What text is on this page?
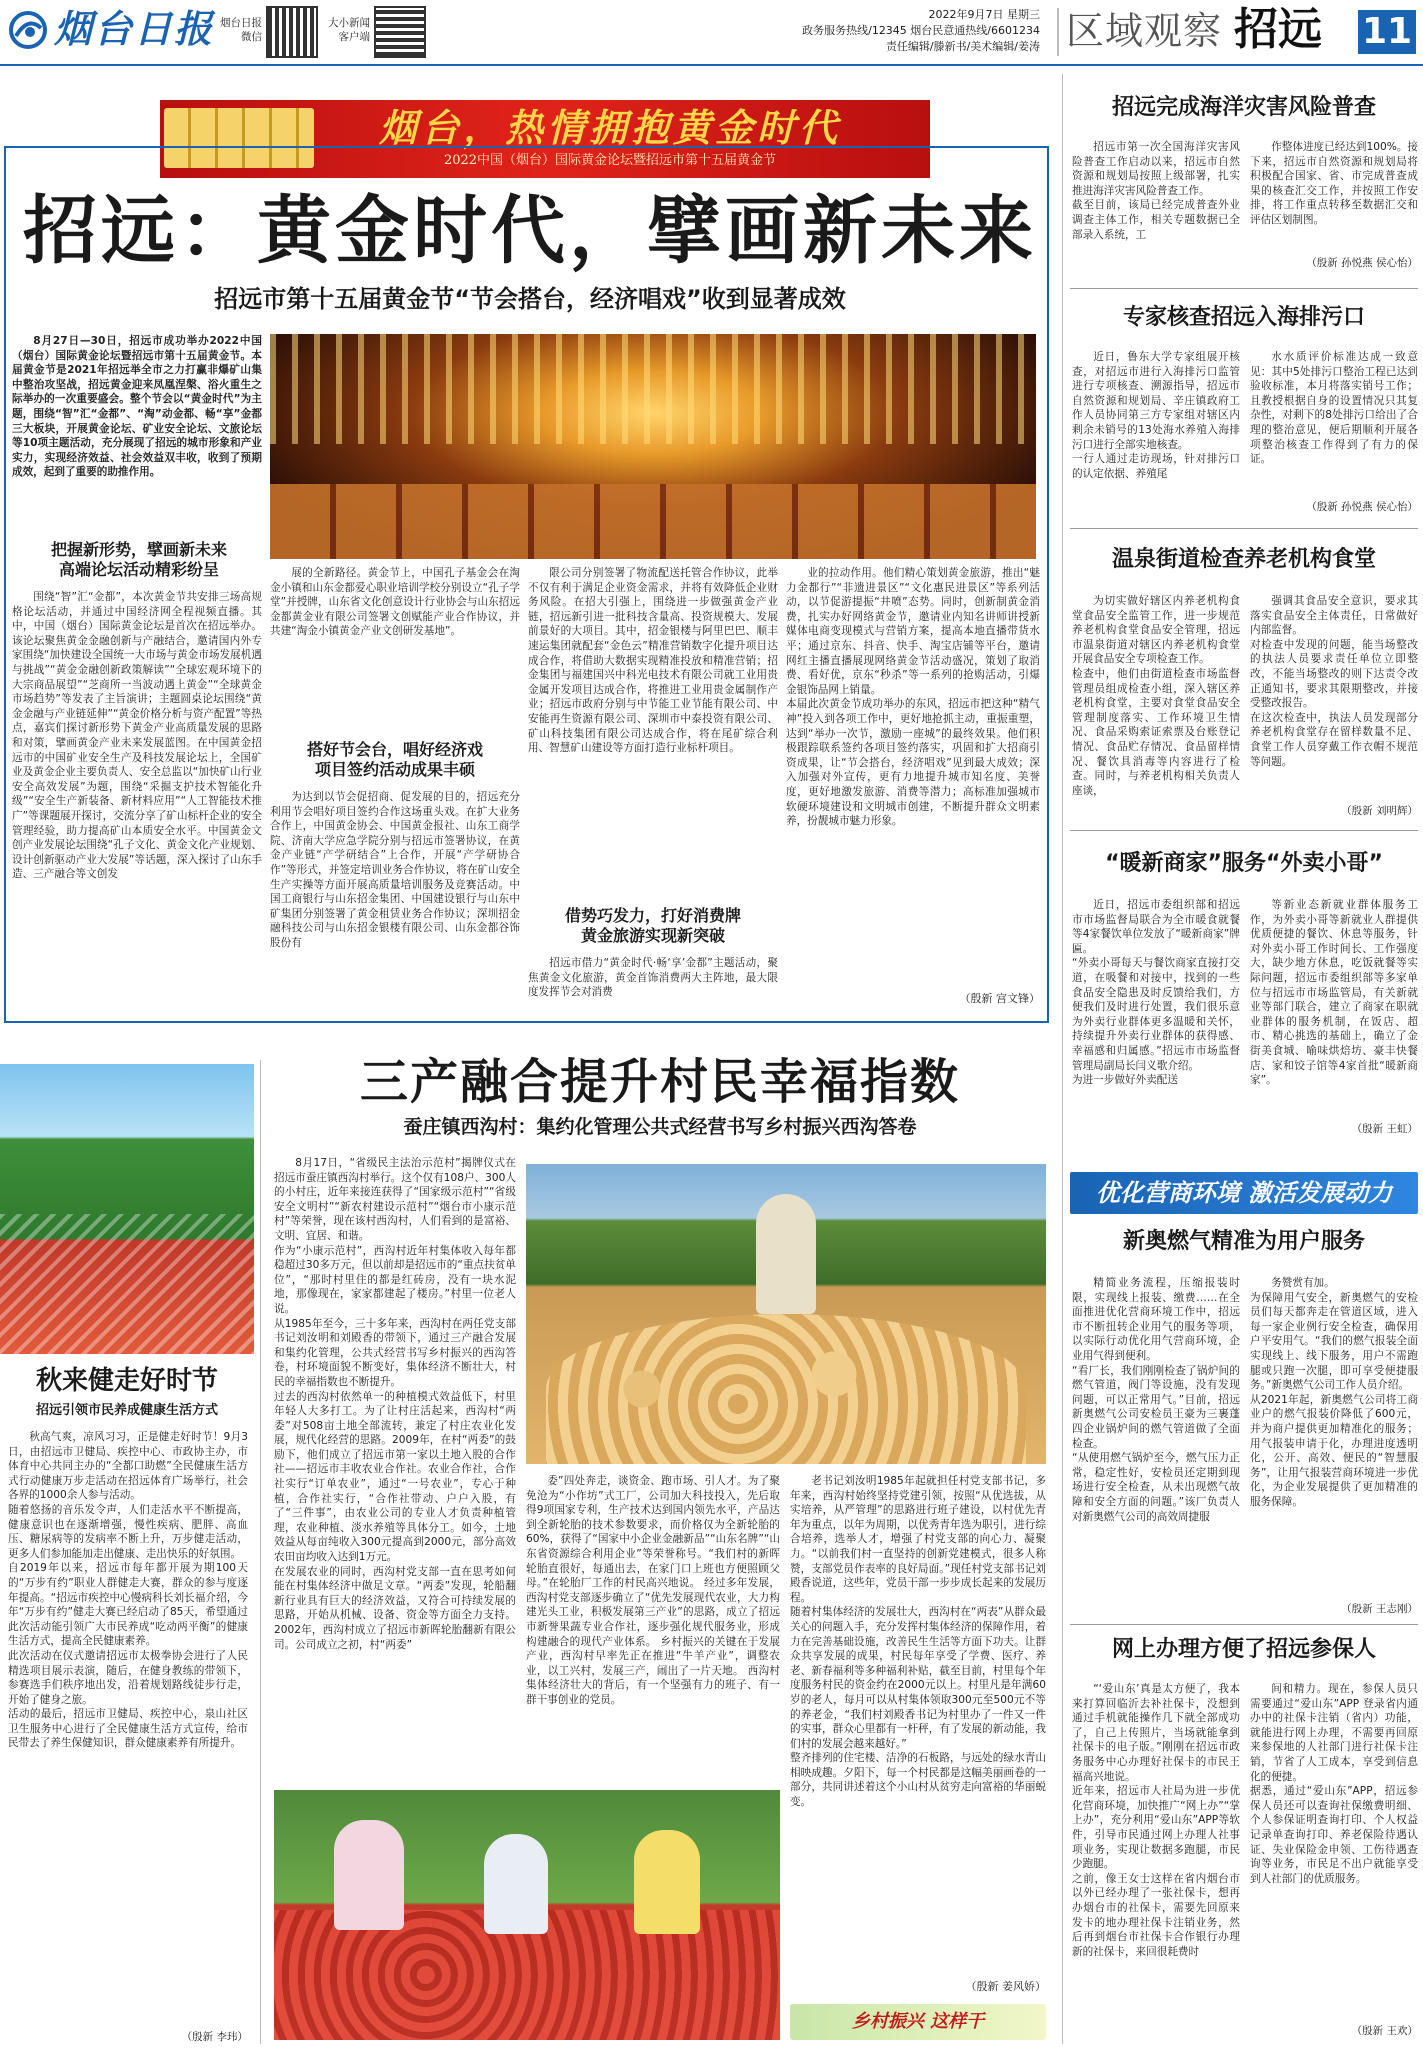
烟台日报 烟台日报
微信
大小新闻
客户端
2022年9月7日 星期三
政务服务热线/12345 烟台民意通热线/6601234
责任编辑/滕新书/美术编辑/姜涛 区域观察 招远 11
烟台，热情拥抱黄金时代
2022中国（烟台）国际黄金论坛暨招远市第十五届黄金节
招远：黄金时代，擘画新未来
招远市第十五届黄金节“节会搭台，经济唱戏”收到显著成效

8月27日—30日，招远市成功举办2022中国（烟台）国际黄金论坛暨招远市第十五届黄金节。本届黄金节是2021年招远举全市之力打赢非爆矿山集中整治攻坚战，招远黄金迎来凤凰涅槃、浴火重生之际举办的一次重要盛会。整个节会以“黄金时代”为主题，围绕“智”汇“金都”、“淘”动金都、畅“享”金都三大板块，开展黄金论坛、矿业安全论坛、文旅论坛等10项主题活动，充分展现了招远的城市形象和产业实力，实现经济效益、社会效益双丰收，收到了预期成效，起到了重要的助推作用。

把握新形势，擘画新未来
高端论坛活动精彩纷呈

围绕“智”汇“金都”，本次黄金节共安排三场高规格论坛活动，并通过中国经济网全程视频直播。其中，中国（烟台）国际黄金论坛是首次在招远举办。该论坛聚焦黄金金融创新与产融结合，邀请国内外专家围绕“加快建设全国统一大市场与黄金市场发展机遇与挑战”“黄金金融创新政策解读”“全球宏观环境下的大宗商品展望”“芝商所一当波动遇上黄金”“全球黄金市场趋势”等发表了主旨演讲；主题圆桌论坛围绕“黄金金融与产业链延伸”“黄金价格分析与资产配置”等热点，嘉宾们探讨新形势下黄金产业高质量发展的思路和对策，擘画黄金产业未来发展蓝图。在中国黄金招远市的中国矿业安全生产及科技发展论坛上，全国矿业及黄金企业主要负责人、安全总监以“加快矿山行业安全高效发展”为题，围绕“采掘支护技术智能化升级”“安全生产新装备、新材料应用”“人工智能技术推广”等课题展开探讨，交流分享了矿山标杆企业的安全管理经验，助力提高矿山本质安全水平。中国黄金文创产业发展论坛围绕“孔子文化、黄金文化产业规划、设计创新驱动产业大发展”等话题，深入探讨了山东手造、三产融合等文创发

展的全新路径。黄金节上，中国孔子基金会在淘金小镇和山东金都爱心职业培训学校分别设立“孔子学堂”并授牌，山东省文化创意设计行业协会与山东招远金都黄金业有限公司签署文创赋能产业合作协议，并共建“淘金小镇黄金产业文创研发基地”。

搭好节会台，唱好经济戏
项目签约活动成果丰硕

为达到以节会促招商、促发展的目的，招远充分利用节会唱好项目签约合作这场重头戏。在扩大业务合作上，中国黄金协会、中国黄金报社、山东工商学院、济南大学应急学院分别与招远市签署协议，在黄金产业链“产学研结合”上合作，开展“产学研协合作”等形式，并签定培训业务合作协议，将在矿山安全生产实操等方面开展高质量培训服务及竞赛活动。中国工商银行与山东招金集团、中国建设银行与山东中矿集团分别签署了黄金租赁业务合作协议；深圳招金融科技公司与山东招金银楼有限公司、山东金都谷饰股份有

限公司分别签署了物流配送托管合作协议，此举不仅有利于满足企业资金需求，并将有效降低企业财务风险。在招大引强上，围绕进一步做强黄金产业链，招远新引进一批科技含量高、投资规模大、发展前景好的大项目。其中，招金银楼与阿里巴巴、顺丰速运集团就配套“金色云”精准营销数字化提升项目达成合作，将借助大数据实现精准投放和精准营销；招金集团与福建国兴中科光电技术有限公司就工业用贵金属开发项目达成合作，将推进工业用贵金属制作产业；招远市政府分别与中节能工业节能有限公司、中安能再生资源有限公司、深圳市中泰投资有限公司、矿山科技集团有限公司达成合作，将在尾矿综合利用、智慧矿山建设等方面打造行业标杆项目。

借势巧发力，打好消费牌
黄金旅游实现新突破

招远市借力“黄金时代·畅‘享’金都”主题活动，聚焦黄金文化旅游，黄金首饰消费两大主阵地，最大限度发挥节会对消费

业的拉动作用。他们精心策划黄金旅游，推出“魅力金都行”“非遗进景区”“文化惠民进景区”等系列活动，以节促游提振“井喷”态势。同时，创新制黄金消费，扎实办好网络黄金节，邀请业内知名讲师讲授新媒体电商变现模式与营销方案，提高本地直播带货水平；通过京东、抖音、快手、淘宝店铺等平台，邀请网红主播直播展现网络黄金节活动盛况，策划了取消费、看好优，京东“秒杀”等一系列的抢购活动，引爆金银饰品网上销量。
本届此次黄金节成功举办的东风，招远市把这种“精气神”投入到各项工作中，更好地抢抓主动，重振重塑，达到“举办一次节，激励一座城”的最终效果。他们积极跟踪联系签约各项目签约落实，巩固和扩大招商引资成果，让“节会搭台，经济唱戏”见到最大成效；深入加强对外宣传，更有力地提升城市知名度、美誉度，更好地激发旅游、消费等潜力；高标准加强城市软硬环境建设和文明城市创建，不断提升群众文明素养，扮靓城市魅力形象。

（殷新 宫文锋）
招远完成海洋灾害风险普查

招远市第一次全国海洋灾害风险普查工作启动以来，招远市自然资源和规划局按照上级部署，扎实推进海洋灾害风险普查工作。
截至目前，该局已经完成普查外业调查主体工作，相关专题数据已全部录入系统，工

作整体进度已经达到100%。接下来，招远市自然资源和规划局将积极配合国家、省、市完成普查成果的核查汇交工作，并按照工作安排，将工作重点转移至数据汇交和评估区划制图。

（殷新 孙悦燕 侯心怡）
专家核查招远入海排污口

近日，鲁东大学专家组展开核查，对招远市进行入海排污口监管进行专项核查、溯源指导，招远市自然资源和规划局、辛庄镇政府工作人员协同第三方专家组对辖区内剩余未销号的13处海水养殖入海排污口进行全部实地核查。
一行人通过走访现场，针对排污口的认定依据、养殖尾

水水质评价标准达成一致意见：其中5处排污口整治工程已达到验收标准，本月将落实销号工作；且教授根据自身的设置情况只其复杂性，对剩下的8处排污口给出了合理的整治意见，便后期顺利开展各项整治核查工作得到了有力的保证。

（殷新 孙悦燕 侯心怡）
温泉街道检查养老机构食堂

为切实做好辖区内养老机构食堂食品安全监管工作，进一步规范养老机构食堂食品安全管理，招远市温泉街道对辖区内养老机构食堂开展食品安全专项检查工作。
检查中，他们由街道检查市场监督管理员组成检查小组，深入辖区养老机构食堂，主要对食堂食品安全管理制度落实、工作环境卫生情况、食品采购索证索票及台账登记情况、食品贮存情况、食品留样情况、餐饮具消毒等内容进行了检查。同时，与养老机构相关负责人座谈，

强调其食品安全意识，要求其落实食品安全主体责任，日常做好内部监督。
对检查中发现的问题，能当场整改的执法人员要求责任单位立即整改，不能当场整改的则下达责令改正通知书，要求其限期整改，并接受整改报告。
在这次检查中，执法人员发现部分养老机构食堂存在留样数量不足、食堂工作人员穿戴工作衣帽不规范等问题。

（殷新 刘明辉）
“暖新商家”服务“外卖小哥”

近日，招远市委组织部和招远市市场监督局联合为全市暖食就餐等4家餐饮单位发放了“暖新商家”牌匾。
“外卖小哥每天与餐饮商家直接打交道，在吸餐和对接中，找到的一些食品安全隐患及时反馈给我们，方便我们及时进行处置，我们很乐意为外卖行业群体更多温暖和关怀，持续提升外卖行业群体的获得感、幸福感和归属感。”招远市市场监督管理局副局长闫义歌介绍。
为进一步做好外卖配送

等新业态新就业群体服务工作，为外卖小哥等新就业人群提供优质便捷的餐饮、休息等服务，针对外卖小哥工作时间长、工作强度大，缺少地方休息，吃饭就餐等实际问题，招远市委组织部等多家单位与招远市市场监管局，有关新就业等部门联合，建立了商家在职就业群体的服务机制，在饭店、超市、精心挑选的基础上，确立了金街美食城、喻味烘焙坊、豪丰快餐店、家和饺子馆等4家首批“暖新商家”。

（殷新 王虹）
优化营商环境 激活发展动力
新奥燃气精准为用户服务

精简业务流程，压缩报装时限，实现线上报装、缴费……在全面推进优化营商环境工作中，招远市不断扭转企业用气的服务等项，以实际行动优化用气营商环境，企业用气得到便利。
“看厂长，我们刚刚检查了锅炉间的燃气管道，阀门等设施，没有发现问题，可以正常用气。”目前，招远新奥燃气公司安检员王豪为三裹蓬四企业锅炉间的燃气管道做了全面检查。
“从使用燃气锅炉至今，燃气压力正常，稳定性好，安检员还定期到现场进行安全检查，从未出现燃气故障和安全方面的问题。”该厂负责人对新奥燃气公司的高效周捷服

务赞赏有加。
为保障用气安全，新奥燃气的安检员们每天都奔走在管道区域，进入每一家企业例行安全检查，确保用户平安用气。“我们的燃气报装全面实现线上、线下服务，用户不需跑腿或只跑一次腿，即可享受便捷服务。”新奥燃气公司工作人员介绍。
从2021年起，新奥燃气公司将工商业户的燃气报装价降低了600元，并为商户提供更加精准化的服务；用气报装申请于化，办理进度透明化，公开、高效、便民的“智慧服务”，让用气报装营商环境进一步优化，为企业发展提供了更加精准的服务保障。

（殷新 王志刚）
网上办理方便了招远参保人

“‘爱山东’真是太方便了，我本来打算回临沂去补社保卡，没想到通过手机就能操作几下就全部成功了，自己上传照片，当场就能拿到社保卡的电子版。”刚刚在招远市政务服务中心办理好社保卡的市民王福高兴地说。
近年来，招远市人社局为进一步优化营商环境，加快推广“网上办”“掌上办”，充分利用“爱山东”APP等软件，引导市民通过网上办理人社事项业务，实现让数据多跑腿，市民少跑腿。
之前，像王女士这样在省内烟台市以外已经办理了一张社保卡，想再办烟台市的社保卡，需要先回原来发卡的地办理社保卡注销业务，然后再到烟台市社保卡合作银行办理新的社保卡，来回很耗费时

间和精力。现在，参保人员只需要通过“爱山东”APP 登录省内通办中的社保卡注销（省内）功能，就能进行网上办理，不需要再回原来参保地的人社部门进行社保卡注销，节省了人工成本，享受到信息化的便捷。
据悉，通过“爱山东”APP，招远参保人员还可以查询社保缴费明细、个人参保证明查询打印、个人权益记录单查询打印、养老保险待遇认证、失业保险金申领、工伤待遇查询等业务，市民足不出户就能享受到人社部门的优质服务。

（殷新 王欢）
秋来健走好时节
招远引领市民养成健康生活方式

秋高气爽，凉风习习，正是健走好时节！9月3日，由招远市卫健局、疾控中心、市政协主办，市体育中心共同主办的“全都口助燃”全民健康生活方式行动健康万步走活动在招远体育广场举行，社会各界的1000余人参与活动。
随着悠扬的音乐发令声，人们走活水平不断提高，健康意识也在逐渐增强，慢性疾病、肥胖、高血压、糖尿病等的发病率不断上升，万步健走活动，更多人们参加能加走出健康、走出快乐的好氛围。
自2019年以来，招远市每年都开展为期100天的“万步有约”职业人群健走大赛，群众的参与度逐年提高。“招远市疾控中心慢病科长刘长福介绍，今年“万步有约”健走大赛已经启动了85天，希望通过此次活动能引领广大市民养成“吃动两平衡”的健康生活方式，提高全民健康素养。
此次活动在仪式邀请招远市太极拳协会进行了人民精选项目展示表演，随后，在健身教练的带领下，参赛选手们秩序地出发，沿着规划路线徒步行走，开始了健身之旅。
活动的最后，招远市卫健局、疾控中心，泉山社区卫生服务中心进行了全民健康生活方式宣传，给市民带去了养生保健知识，群众健康素养有所提升。

（殷新 李玮）
三产融合提升村民幸福指数
蚕庄镇西沟村：集约化管理公共式经营书写乡村振兴西沟答卷

8月17日，“省级民主法治示范村”揭牌仪式在招远市蚕庄镇西沟村举行。这个仅有108户、300人的小村庄，近年来接连获得了“国家级示范村”“省级安全文明村”“新农村建设示范村”“烟台市小康示范村”等荣誉，现在该村西沟村，人们看到的是富裕、文明、宜居、和谐。
作为“小康示范村”，西沟村近年村集体收入每年都稳超过30多万元，但以前却是招远市的“重点扶贫单位”，“那时村里住的都是红砖房，没有一块水泥地，那像现在，家家都建起了楼房。”村里一位老人说。
从1985年至今，三十多年来，西沟村在两任党支部书记刘汝明和刘殿香的带领下，通过三产融合发展和集约化管理，公共式经营书写乡村振兴的西沟答卷，村环境面貌不断变好，集体经济不断壮大，村民的幸福指数也不断提升。
过去的西沟村依然单一的种植模式效益低下，村里年轻人大多打工。为了让村庄活起来，西沟村“两委”对508亩土地全部流转，兼定了村庄农业化发展，规代化经营的思路。2009年，在村“两委”的鼓励下，他们成立了招远市第一家以土地入股的合作社——招远市丰收农业合作社。农业合作社，合作社实行“订单农业”，通过“一号农业”，专心于种植，合作社实行，“合作社带动、户户入股，有了“三件事”，由农业公司的专业人才负责种植管理，农业种植、淡水养殖等具体分工。如今，土地效益从每亩纯收入300元提高到2000元，部分高效农田亩均收入达到1万元。
在发展农业的同时，西沟村党支部一直在思考如何能在村集体经济中做足文章。“两委”发现，轮船翻新行业具有巨大的经济效益，又符合可持续发展的思路，开始从机械、设备、资金等方面全力支持。2002年，西沟村成立了招远市新晖轮胎翻新有限公司。公司成立之初，村“两委”

委”四处奔走，谈资金、跑市场、引人才。为了聚免沧为“小作坊”式工厂，公司加大科技投入，先后取得9项国家专利，生产技术达到国内领先水平，产品达到全新轮胎的技术参数要求，而价格仅为全新轮胎的60%，获得了“国家中小企业金融新品”“山东名牌”“山东省资源综合利用企业”等荣誉称号。“我们村的新晖轮胎直很好，每通出去，在家门口上班也方便照顾父母。”在轮胎厂工作的村民高兴地说。 经过多年发展，西沟村党支部逐步确立了“优先发展现代农业，大力构建光头工业，积极发展第三产业”的思路，成立了招远市新誉果蔬专业合作社，逐步强化规代服务业，形成构建融合的现代产业体系。 乡村振兴的关键在于发展产业，西沟村早率先正在推进“牛羊产业”，调整农业，以工兴村，发展三产，闹出了一片天地。 西沟村集体经济壮大的背后，有一个坚强有力的班子、有一群干事创业的党员。

老书记刘汝明1985年起就担任村党支部书记，多年来，西沟村始终坚持党建引领，按照“从优选拔，从实培养，从严管理”的思路进行班子建设，以村优先青年为重点，以年为周期，以优秀青年选为职引，进行综合培养，选举人才，增强了村党支部的向心力、凝聚力。“以前我们村一直坚持的创新党建模式，很多人称赞，支部党员作表率的良好局面。”现任村党支部书记刘殿香说道，这些年，党员干部一步步成长起来的发展历程。
随着村集体经济的发展壮大，西沟村在“两表”从群众最关心的问题入手，充分发挥村集体经济的保障作用，着力在完善基础设施，改善民生生活等方面下功夫。让群众共享发展的成果，村民每年享受了学费、医疗、养老、新春福利等多种福利补贴，截至目前，村里每个年度服务村民的资金约在2000元以上。村里凡是年满60岁的老人，每月可以从村集体领取300元至500元不等的养老金，“我们村刘殿香书记为村里办了一件又一件的实事，群众心里都有一杆秤，有了发展的新动能，我们村的发展会越来越好。”
整齐排列的住宅楼、洁净的石板路，与远处的绿水青山相映成趣。夕阳下，每一个村民都是这幅美丽画卷的一部分，共同讲述着这个小山村从贫穷走向富裕的华丽蜕变。

（殷新 姜风娇）
乡村振兴 这样干
